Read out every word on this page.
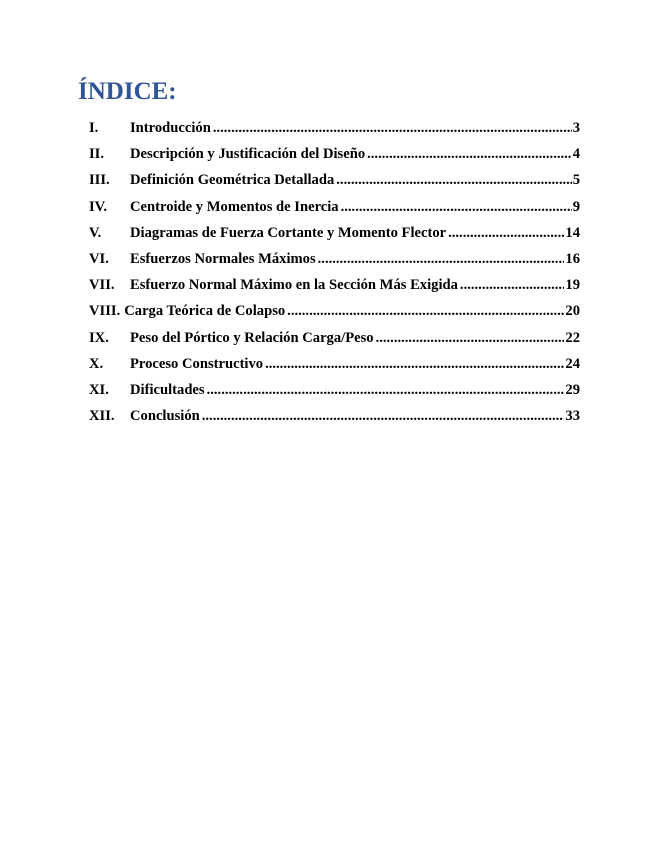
ÍNDICE:
I.	Introducción .....	3
II.	Descripción y Justificación del Diseño .....	4
III.	Definición Geométrica Detallada .....	5
IV.	Centroide y Momentos de Inercia .....	9
V.	Diagramas de Fuerza Cortante y Momento Flector .....	14
VI.	Esfuerzos Normales Máximos .....	16
VII.	Esfuerzo Normal Máximo en la Sección Más Exigida .....	19
VIII. Carga Teórica de Colapso .....	20
IX.	Peso del Pórtico y Relación Carga/Peso .....	22
X.	Proceso Constructivo .....	24
XI.	Dificultades .....	29
XII.	Conclusión .....	33
